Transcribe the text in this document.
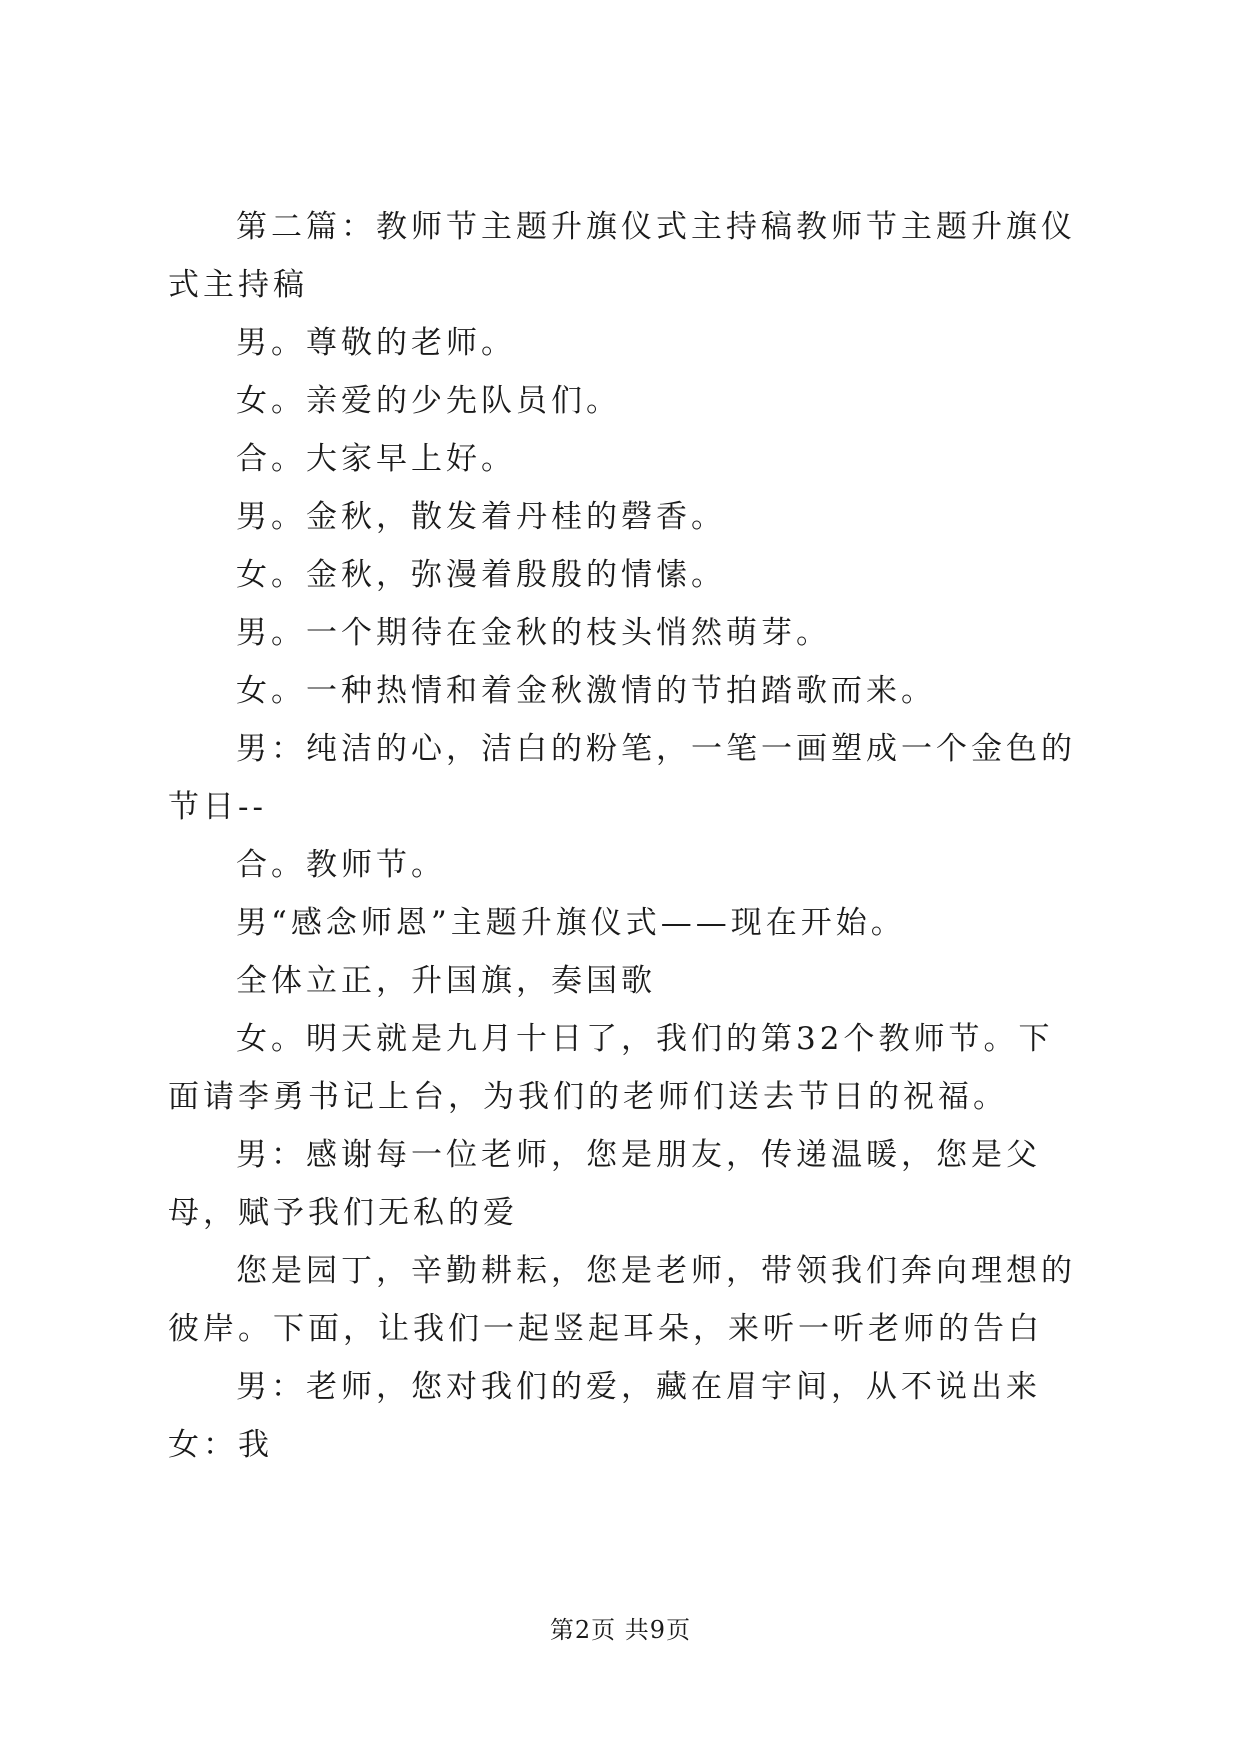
第二篇：教师节主题升旗仪式主持稿教师节主题升旗仪式主持稿

男。尊敬的老师。

女。亲爱的少先队员们。

合。大家早上好。

男。金秋，散发着丹桂的磬香。

女。金秋，弥漫着殷殷的情愫。

男。一个期待在金秋的枝头悄然萌芽。

女。一种热情和着金秋激情的节拍踏歌而来。

男：纯洁的心，洁白的粉笔，一笔一画塑成一个金色的节日--

合。教师节。

男“感念师恩”主题升旗仪式——现在开始。

全体立正，升国旗，奏国歌

女。明天就是九月十日了，我们的第32个教师节。下面请李勇书记上台，为我们的老师们送去节日的祝福。

男：感谢每一位老师，您是朋友，传递温暖，您是父母，赋予我们无私的爱

您是园丁，辛勤耕耘，您是老师，带领我们奔向理想的彼岸。下面，让我们一起竖起耳朵，来听一听老师的告白

男：老师，您对我们的爱，藏在眉宇间，从不说出来女：我

第2页 共9页
